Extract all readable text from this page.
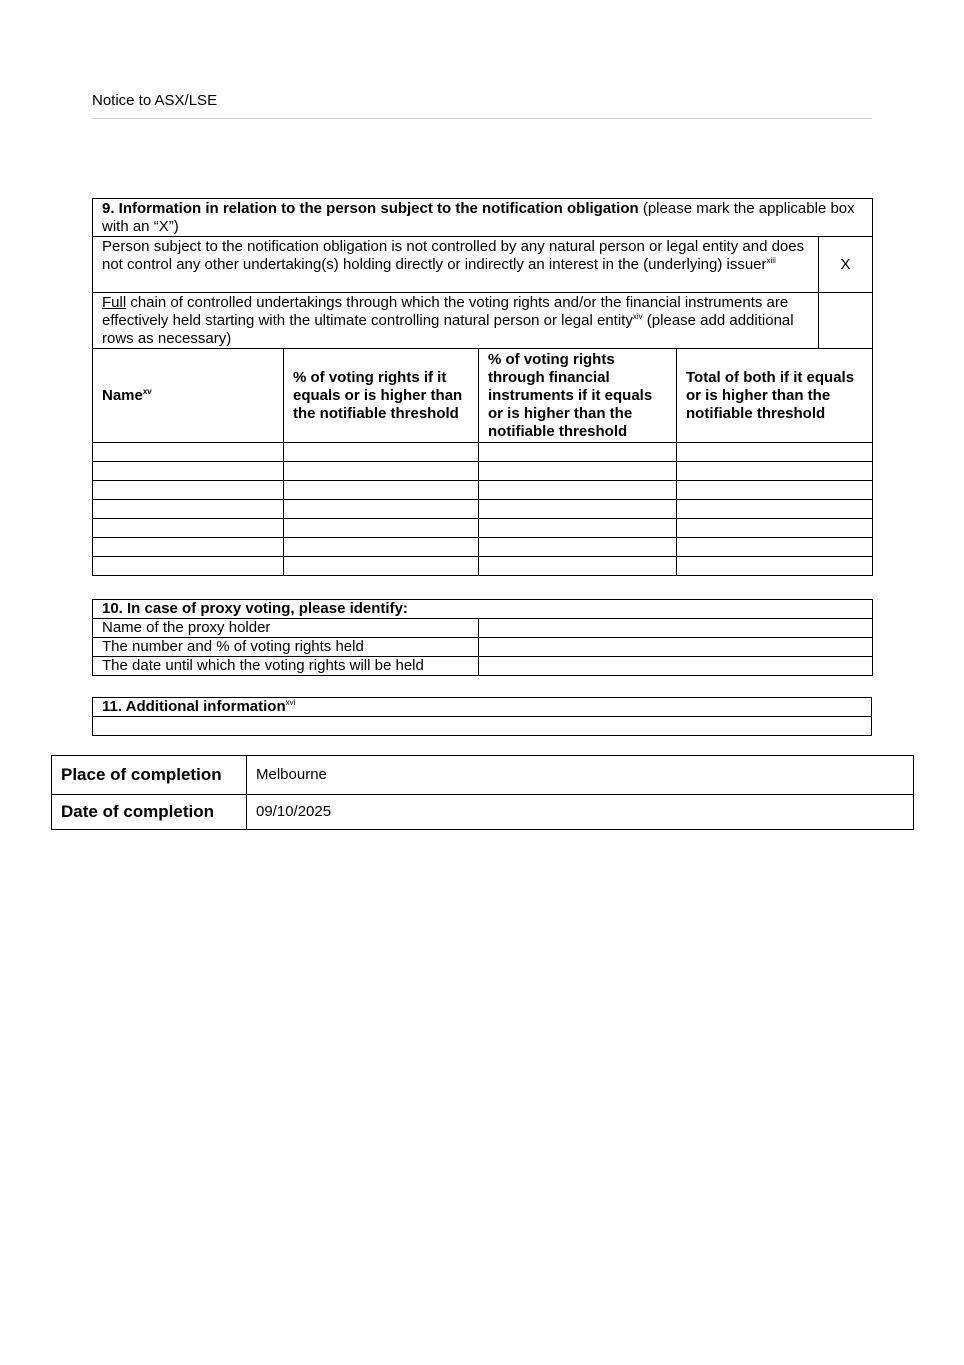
Notice to ASX/LSE
9. Information in relation to the person subject to the notification obligation (please mark the applicable box with an “X”)				
Person subject to the notification obligation is not controlled by any natural person or legal entity and does not control any other undertaking(s) holding directly or indirectly an interest in the (underlying) issuer$^{xiii}$				X
Full chain of controlled undertakings through which the voting rights and/or the financial instruments are effectively held starting with the ultimate controlling natural person or legal entity$^{xiv}$ (please add additional rows as necessary)				
Name$^{xv}$	% of voting rights if it equals or is higher than the notifiable threshold	% of voting rights through financial instruments if it equals or is higher than the notifiable threshold	Total of both if it equals or is higher than the notifiable threshold	

10. In case of proxy voting, please identify:	
Name of the proxy holder	
The number and % of voting rights held	
The date until which the voting rights will be held	
11. Additional information$^{xvi}$

Place of completion	Melbourne
Date of completion	09/10/2025
